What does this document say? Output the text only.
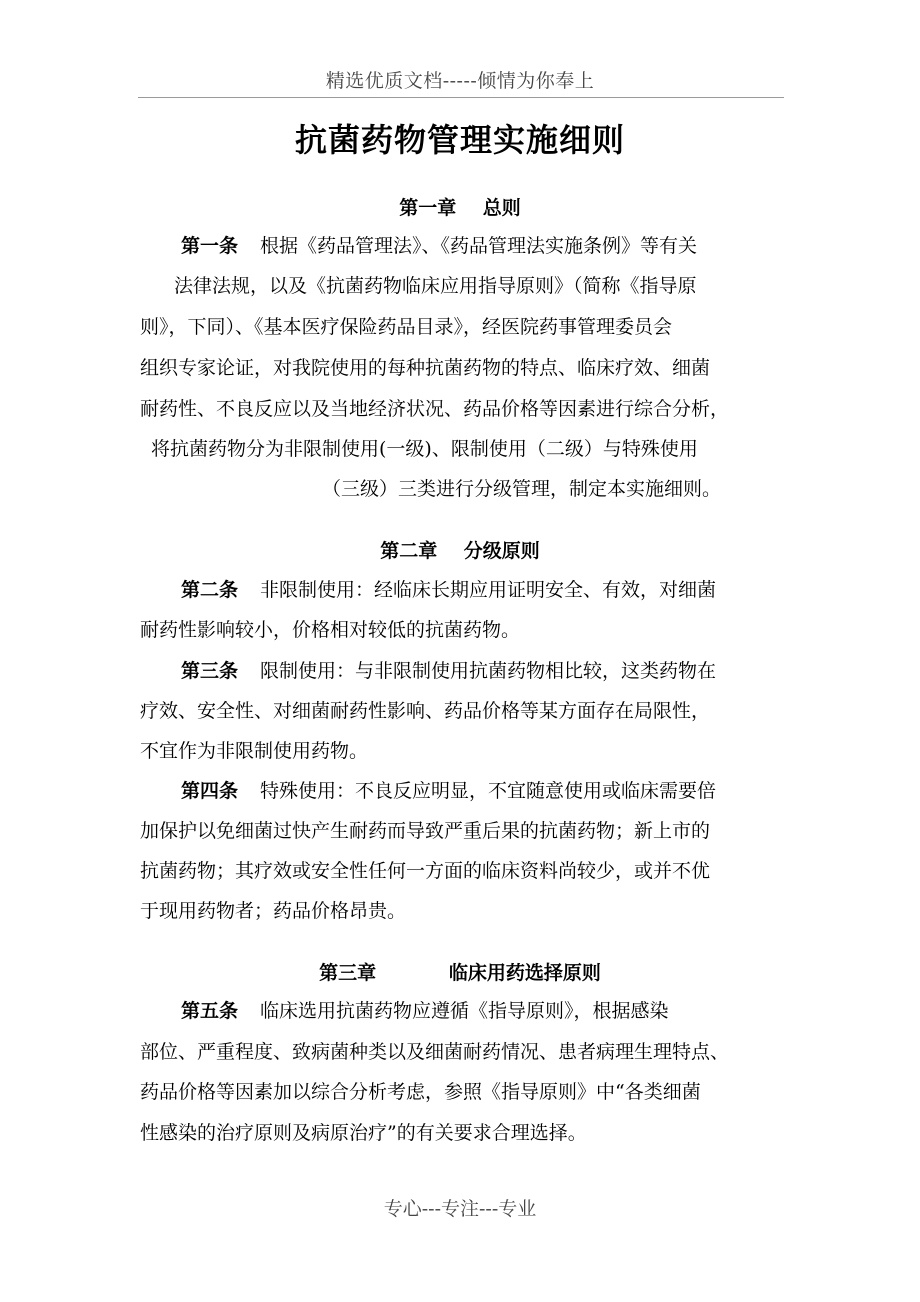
精选优质文档-----倾情为你奉上
抗菌药物管理实施细则
第一章    总则
第一条 根据《药品管理法》、《药品管理法实施条例》等有关
法律法规，以及《抗菌药物临床应用指导原则》（简称《指导原
则》，下同）、《基本医疗保险药品目录》，经医院药事管理委员会
组织专家论证，对我院使用的每种抗菌药物的特点、临床疗效、细菌
耐药性、不良反应以及当地经济状况、药品价格等因素进行综合分析，
将抗菌药物分为非限制使用(一级)、限制使用（二级）与特殊使用
（三级）三类进行分级管理，制定本实施细则。
第二章    分级原则
第二条 非限制使用：经临床长期应用证明安全、有效，对细菌
耐药性影响较小，价格相对较低的抗菌药物。
第三条 限制使用：与非限制使用抗菌药物相比较，这类药物在
疗效、安全性、对细菌耐药性影响、药品价格等某方面存在局限性，
不宜作为非限制使用药物。
第四条 特殊使用：不良反应明显，不宜随意使用或临床需要倍
加保护以免细菌过快产生耐药而导致严重后果的抗菌药物；新上市的
抗菌药物；其疗效或安全性任何一方面的临床资料尚较少，或并不优
于现用药物者；药品价格昂贵。
第三章           临床用药选择原则
第五条 临床选用抗菌药物应遵循《指导原则》，根据感染
部位、严重程度、致病菌种类以及细菌耐药情况、患者病理生理特点、
药品价格等因素加以综合分析考虑，参照《指导原则》中“各类细菌
性感染的治疗原则及病原治疗”的有关要求合理选择。
专心---专注---专业
